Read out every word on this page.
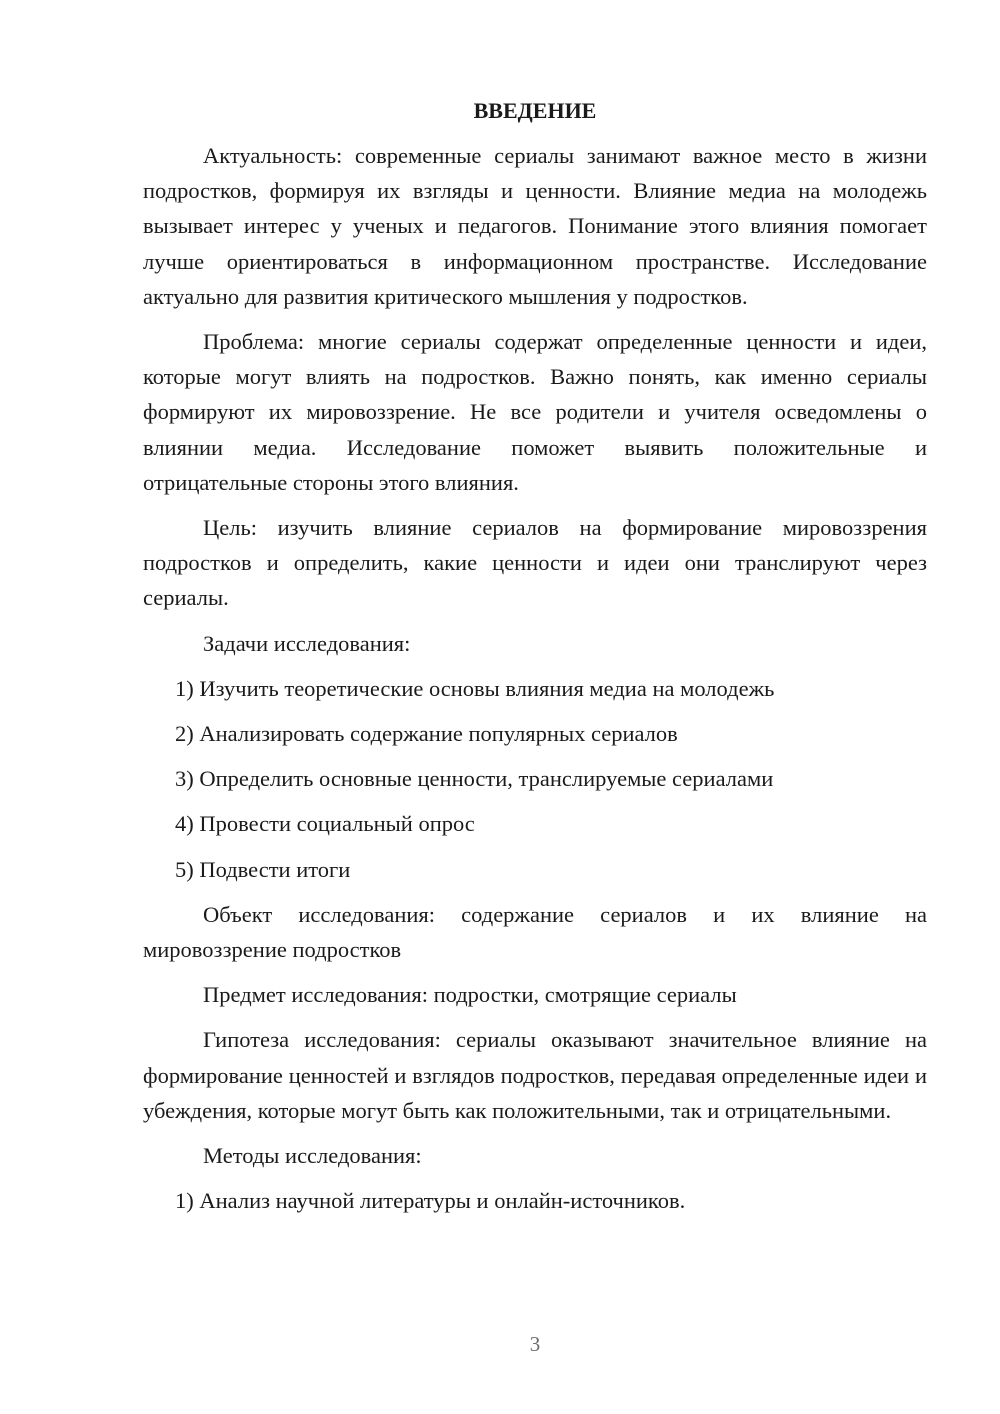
ВВЕДЕНИЕ

Актуальность: современные сериалы занимают важное место в жизни подростков, формируя их взгляды и ценности. Влияние медиа на молодежь вызывает интерес у ученых и педагогов. Понимание этого влияния помогает лучше ориентироваться в информационном пространстве. Исследование актуально для развития критического мышления у подростков.

Проблема: многие сериалы содержат определенные ценности и идеи, которые могут влиять на подростков. Важно понять, как именно сериалы формируют их мировоззрение. Не все родители и учителя осведомлены о влиянии медиа. Исследование поможет выявить положительные и отрицательные стороны этого влияния.

Цель: изучить влияние сериалов на формирование мировоззрения подростков и определить, какие ценности и идеи они транслируют через сериалы.

Задачи исследования:

1) Изучить теоретические основы влияния медиа на молодежь

2) Анализировать содержание популярных сериалов

3) Определить основные ценности, транслируемые сериалами

4) Провести социальный опрос

5) Подвести итоги

Объект исследования: содержание сериалов и их влияние на мировоззрение подростков

Предмет исследования: подростки, смотрящие сериалы

Гипотеза исследования: сериалы оказывают значительное влияние на формирование ценностей и взглядов подростков, передавая определенные идеи и убеждения, которые могут быть как положительными, так и отрицательными.

Методы исследования:

1) Анализ научной литературы и онлайн-источников.

3
